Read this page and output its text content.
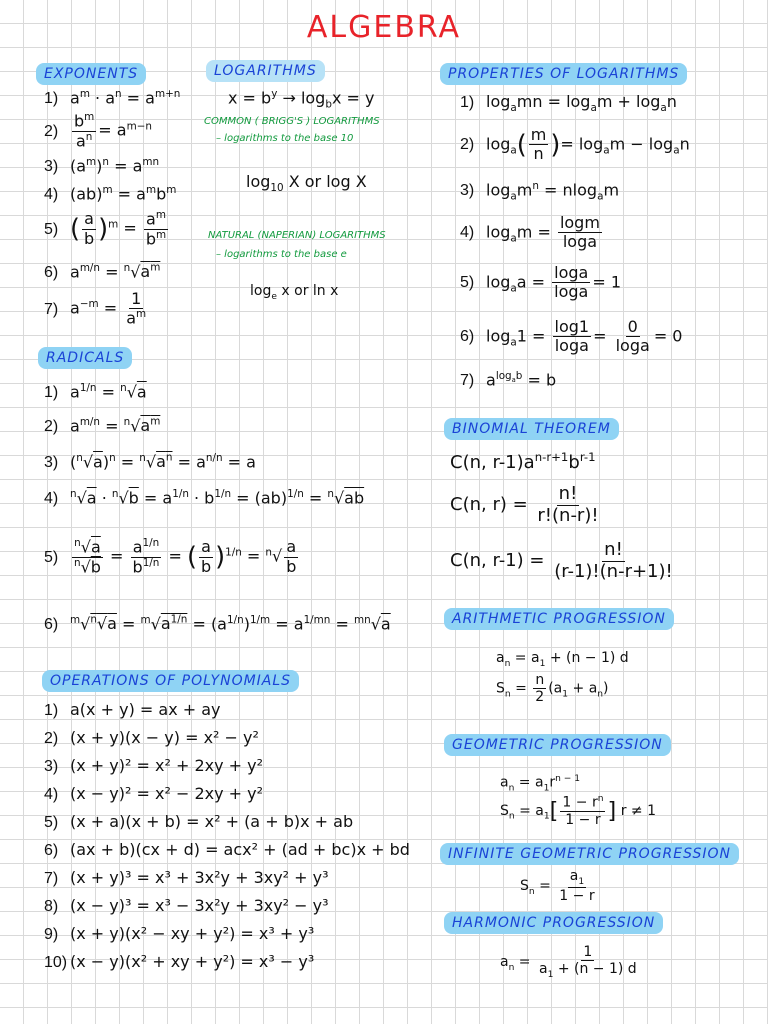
ALGEBRA
EXPONENTS
1) $a^m \cdot a^n = a^{m+n}$
$2) \frac{b^m}{a^n} = a^{m-n}$
3) $(a^m)^n = a^{mn}$
4) $(ab)^m = a^mb^m$
5) ( $\frac{a}{b} )^m = \frac{a^m}{b^m}$
6) $a^{m/n} = ^n√a^m$
7) $a^{-m} = \frac{1}{a^m}$
LOGARITHMS
$x = b^y \to \log_bx = y$
COMMON ( BRIGG'S ) LOGARITHMS
– logarithms to the base 10
$\log_{10} X$ or log X
NATURAL (NAPERIAN) LOGARITHMS
– logarithms to the base e
$\log_e x$ or ln x
PROPERTIES OF LOGARITHMS
1) $\log_amn = \log_am + \log_an$
2) $\log_a( \frac{m}{n}$ )= $\log_am - \log_an$
3) $\log_am^n = nlog_am$
4) $\log_am = \frac{\log m}{\log a}$
5) $\log_aa = \frac{\log a}{\log a} = 1$
6) $\log_a1 = \frac{\log 1}{\log a} = \frac{0}{\log a} = 0$
7) $a^{log_ab} = b$
RADICALS
1) $a^{1/n} = ^n√a$
2) $a^{m/n} = ^n√a^m$
3) $(^n√a)^n = ^n√a^n = a^{n/n} = a$
4) $^n√a \cdot ^n√b = a^{1/n} \cdot b^{1/n} = (ab)^{1/n} = ^n√ab$
$5) \frac{^n√a}{^n√b} = \frac{a^{1/n}}{b^{1/n}}$ = ( $\frac{a}{b} )^{1/n} = ^n√ \frac{a}{b}$
6) $^m√^n√a = ^m√a^{1/n} = (a^{1/n})^{1/m} = a^{1/mn} = ^{mn}√a$
OPERATIONS OF POLYNOMIALS
1) a(x + y) = ax + ay
2) (x + y)(x − y) = x² − y²
3) (x + y)² = x² + 2xy + y²
4) (x − y)² = x² − 2xy + y²
5) (x + a)(x + b) = x² + (a + b)x + ab
6) (ax + b)(cx + d) = acx² + (ad + bc)x + bd
7) (x + y)³ = x³ + 3x²y + 3xy² + y³
8) (x − y)³ = x³ − 3x²y + 3xy² − y³
9) (x + y)(x² − xy + y²) = x³ + y³
10) (x − y)(x² + xy + y²) = x³ − y³
BINOMIAL THEOREM
C(n, $r-1)a^{n-r+1}b^{r-1}$
C(n, $r) = \frac{n!}{r!(n-r)!}$
C(n, $r-1) = \frac{n!}{(r-1)!(n-r+1)!}$
ARITHMETIC PROGRESSION
$a_n = a_1 + (n - 1)$ d
$S_n = \frac{n}{2} (a_1 + a_n)$
GEOMETRIC PROGRESSION
$a_n = a_1r^{n - 1}$
$S_n = a_1[ \frac{1 - r^n}{1 - r}$ ] r ≠ 1
INFINITE GEOMETRIC PROGRESSION
$S_n = \frac{a_1}{1 - r}$
HARMONIC PROGRESSION
$a_n = \frac{1}{a_1 + (n - 1) d}$
